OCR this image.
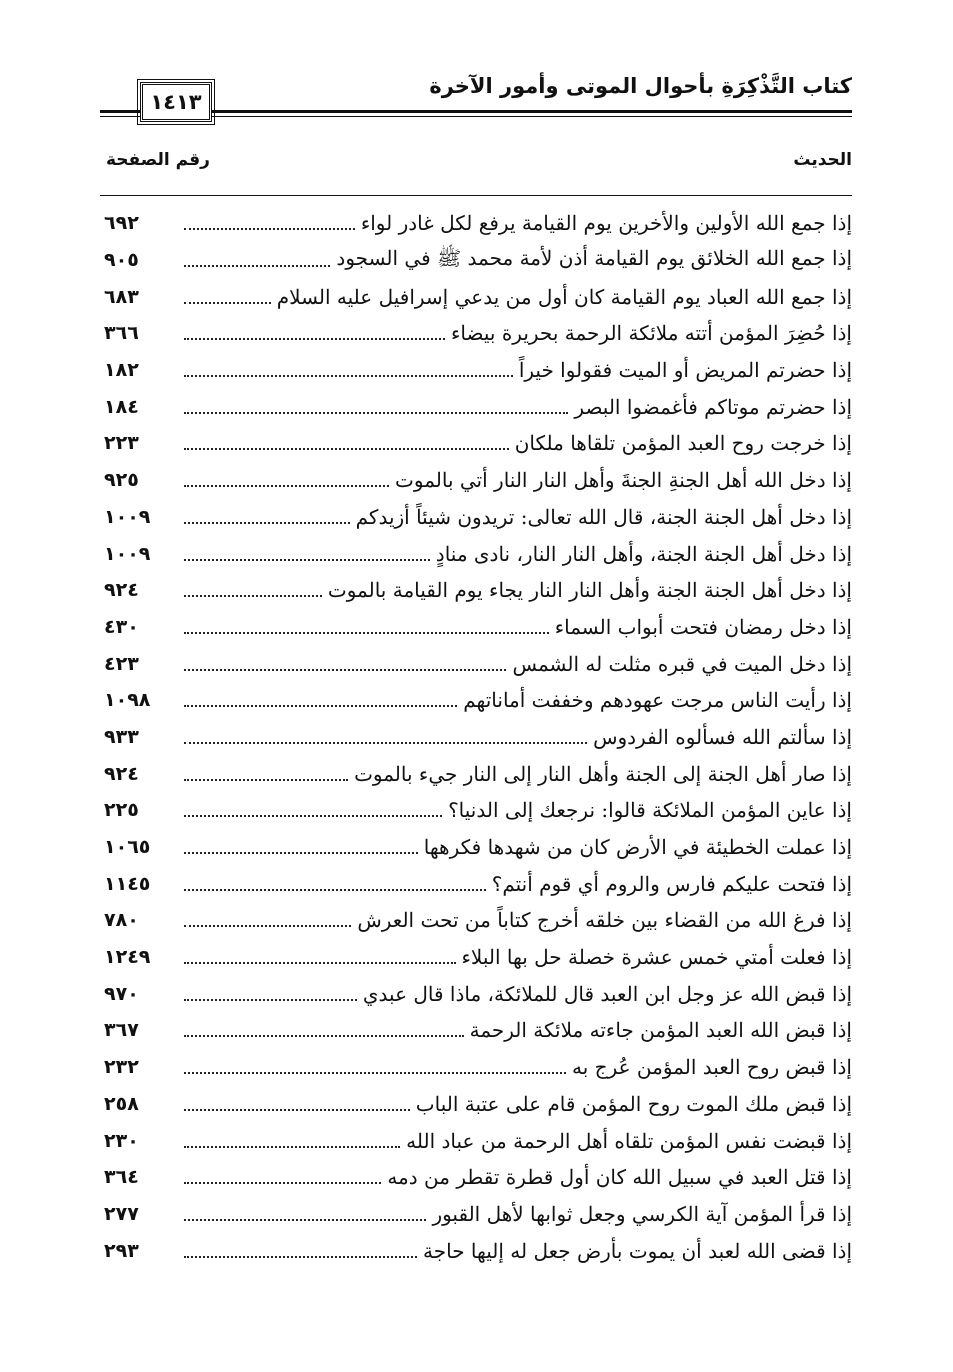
كتاب التَّذْكِرَةِ بأحوال الموتى وأمور الآخرة
١٤١٣
الحديث
رقم الصفحة
إذا جمع الله الأولين والأخرين يوم القيامة يرفع لكل غادر لواء
٦٩٢
إذا جمع الله الخلائق يوم القيامة أذن لأمة محمد ﷺ في السجود
٩٠٥
إذا جمع الله العباد يوم القيامة كان أول من يدعي إسرافيل عليه السلام
٦٨٣
إذا حُضِرَ المؤمن أتته ملائكة الرحمة بحريرة بيضاء
٣٦٦
إذا حضرتم المريض أو الميت فقولوا خيراً
١٨٢
إذا حضرتم موتاكم فأغمضوا البصر
١٨٤
إذا خرجت روح العبد المؤمن تلقاها ملكان
٢٢٣
إذا دخل الله أهل الجنةِ الجنةَ وأهل النار النار أتي بالموت
٩٢٥
إذا دخل أهل الجنة الجنة، قال الله تعالى: تريدون شيئاً أزيدكم
١٠٠٩
إذا دخل أهل الجنة الجنة، وأهل النار النار، نادى منادٍ
١٠٠٩
إذا دخل أهل الجنة الجنة وأهل النار النار يجاء يوم القيامة بالموت
٩٢٤
إذا دخل رمضان فتحت أبواب السماء
٤٣٠
إذا دخل الميت في قبره مثلت له الشمس
٤٢٣
إذا رأيت الناس مرجت عهودهم وخففت أماناتهم
١٠٩٨
إذا سألتم الله فسألوه الفردوس
٩٣٣
إذا صار أهل الجنة إلى الجنة وأهل النار إلى النار جيء بالموت
٩٢٤
إذا عاين المؤمن الملائكة قالوا: نرجعك إلى الدنيا؟
٢٢٥
إذا عملت الخطيئة في الأرض كان من شهدها فكرهها
١٠٦٥
إذا فتحت عليكم فارس والروم أي قوم أنتم؟
١١٤٥
إذا فرغ الله من القضاء بين خلقه أخرج كتاباً من تحت العرش
٧٨٠
إذا فعلت أمتي خمس عشرة خصلة حل بها البلاء
١٢٤٩
إذا قبض الله عز وجل ابن العبد قال للملائكة، ماذا قال عبدي
٩٧٠
إذا قبض الله العبد المؤمن جاءته ملائكة الرحمة
٣٦٧
إذا قبض روح العبد المؤمن عُرج به
٢٣٢
إذا قبض ملك الموت روح المؤمن قام على عتبة الباب
٢٥٨
إذا قبضت نفس المؤمن تلقاه أهل الرحمة من عباد الله
٢٣٠
إذا قتل العبد في سبيل الله كان أول قطرة تقطر من دمه
٣٦٤
إذا قرأ المؤمن آية الكرسي وجعل ثوابها لأهل القبور
٢٧٧
إذا قضى الله لعبد أن يموت بأرض جعل له إليها حاجة
٢٩٣
